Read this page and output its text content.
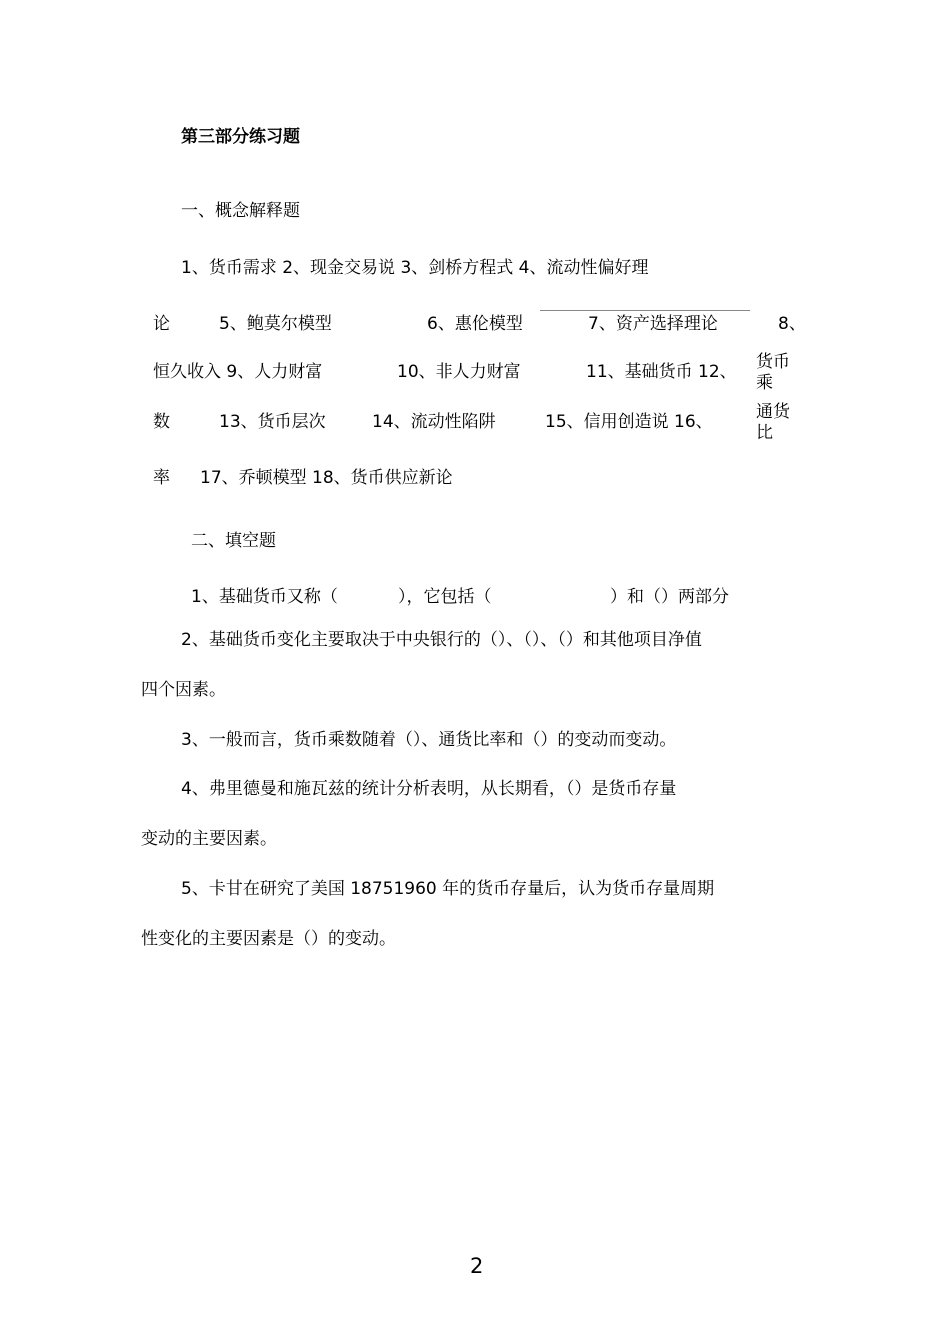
第三部分练习题
一、概念解释题
1、货币需求 2、现金交易说 3、剑桥方程式 4、流动性偏好理
论	5、鲍莫尔模型	6、惠伦模型	7、资产选择理论	8、
恒久收入 9、人力财富	10、非人力财富	11、基础货币 12、 货币
乘
数	13、货币层次	14、流动性陷阱	15、信用创造说 16、	通货
比
率 17、乔顿模型 18、货币供应新论
二、填空题
1、基础货币又称（	），它包括（	）和（）两部分
2、基础货币变化主要取决于中央银行的（）、（）、（）和其他项目净值
四个因素。
3、一般而言，货币乘数随着（）、通货比率和（）的变动而变动。
4、弗里德曼和施瓦兹的统计分析表明，从长期看，（）是货币存量
变动的主要因素。
5、卡甘在研究了美国 18751960 年的货币存量后，认为货币存量周期
性变化的主要因素是（）的变动。
2
